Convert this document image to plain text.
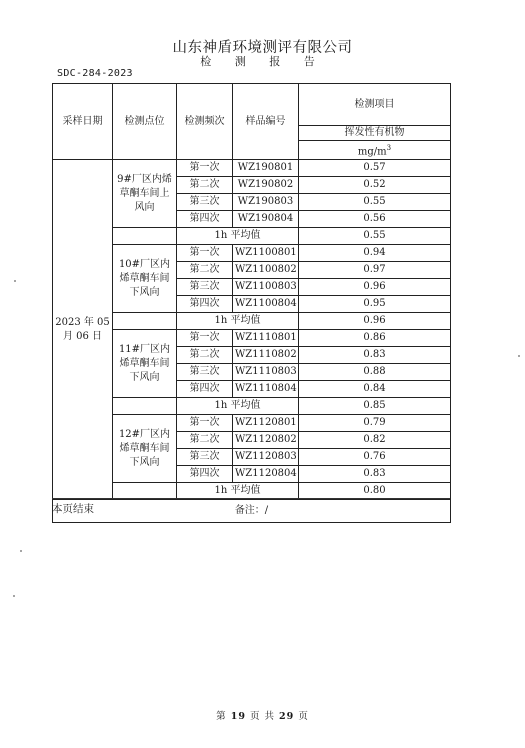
山东神盾环境测评有限公司
检 测 报 告
SDC-284-2023
采样日期	检测点位	检测频次	样品编号	检测项目
				挥发性有机物
				$mg/m^3$
2023 年 05
月 06 日	9#厂区内烯
草酮车间上
风向	第一次	WZ190801	0.57
		第二次	WZ190802	0.52
		第三次	WZ190803	0.55
		第四次	WZ190804	0.56
		1h 平均值		0.55
	10#厂区内
烯草酮车间
下风向	第一次	WZ1100801	0.94
		第二次	WZ1100802	0.97
		第三次	WZ1100803	0.96
		第四次	WZ1100804	0.95
		1h 平均值		0.96
	11#厂区内
烯草酮车间
下风向	第一次	WZ1110801	0.86
		第二次	WZ1110802	0.83
		第三次	WZ1110803	0.88
		第四次	WZ1110804	0.84
		1h 平均值		0.85
	12#厂区内
烯草酮车间
下风向	第一次	WZ1120801	0.79
		第二次	WZ1120802	0.82
		第三次	WZ1120803	0.76
		第四次	WZ1120804	0.83
		1h 平均值		0.80
备注：/				
本页结束
第 19 页 共 29 页
